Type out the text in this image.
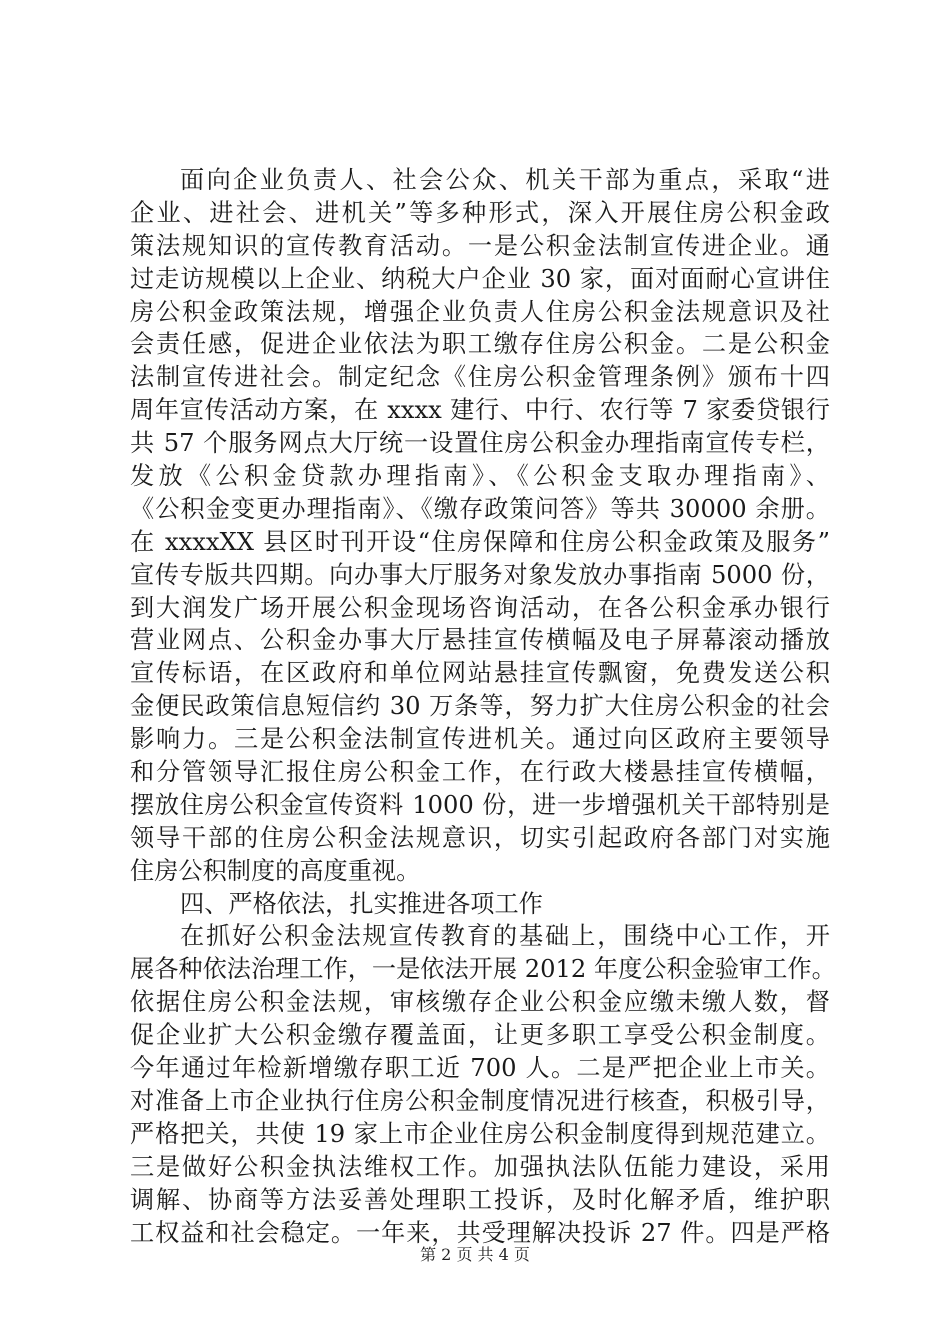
面向企业负责人、社会公众、机关干部为重点，采取“进
企业、进社会、进机关”等多种形式，深入开展住房公积金政
策法规知识的宣传教育活动。一是公积金法制宣传进企业。通
过走访规模以上企业、纳税大户企业 30 家，面对面耐心宣讲住
房公积金政策法规，增强企业负责人住房公积金法规意识及社
会责任感，促进企业依法为职工缴存住房公积金。二是公积金
法制宣传进社会。制定纪念《住房公积金管理条例》颁布十四
周年宣传活动方案，在 xxxx 建行、中行、农行等 7 家委贷银行
共 57 个服务网点大厅统一设置住房公积金办理指南宣传专栏，
发放《公积金贷款办理指南》、《公积金支取办理指南》、
《公积金变更办理指南》、《缴存政策问答》等共 30000 余册。
在 xxxxXX 县区时刊开设“住房保障和住房公积金政策及服务”
宣传专版共四期。向办事大厅服务对象发放办事指南 5000 份，
到大润发广场开展公积金现场咨询活动，在各公积金承办银行
营业网点、公积金办事大厅悬挂宣传横幅及电子屏幕滚动播放
宣传标语，在区政府和单位网站悬挂宣传飘窗，免费发送公积
金便民政策信息短信约 30 万条等，努力扩大住房公积金的社会
影响力。三是公积金法制宣传进机关。通过向区政府主要领导
和分管领导汇报住房公积金工作，在行政大楼悬挂宣传横幅，
摆放住房公积金宣传资料 1000 份，进一步增强机关干部特别是
领导干部的住房公积金法规意识，切实引起政府各部门对实施
住房公积制度的高度重视。
四、严格依法，扎实推进各项工作
在抓好公积金法规宣传教育的基础上，围绕中心工作，开
展各种依法治理工作，一是依法开展 2012 年度公积金验审工作。
依据住房公积金法规，审核缴存企业公积金应缴未缴人数，督
促企业扩大公积金缴存覆盖面，让更多职工享受公积金制度。
今年通过年检新增缴存职工近 700 人。二是严把企业上市关。
对准备上市企业执行住房公积金制度情况进行核查，积极引导，
严格把关，共使 19 家上市企业住房公积金制度得到规范建立。
三是做好公积金执法维权工作。加强执法队伍能力建设，采用
调解、协商等方法妥善处理职工投诉，及时化解矛盾，维护职
工权益和社会稳定。一年来，共受理解决投诉 27 件。四是严格
第 2 页 共 4 页
